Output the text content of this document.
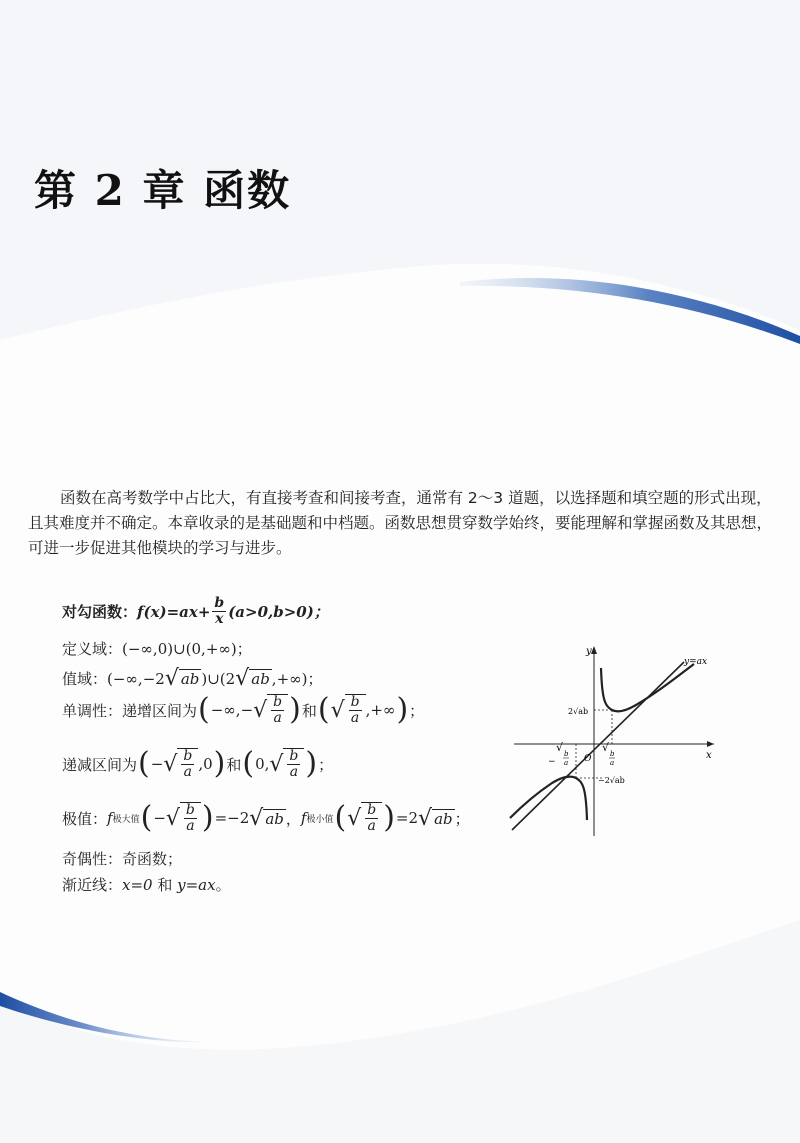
第 2 章 函数

函数在高考数学中占比大，有直接考查和间接考查，通常有 2～3 道题，以选择题和填空题的形式出现，且其难度并不确定。本章收录的是基础题和中档题。函数思想贯穿数学始终，要能理解和掌握函数及其思想，可进一步促进其他模块的学习与进步。

对勾函数： $f(x)=ax+ \frac{b}{x} (a>0,b>0)$；
定义域： (−∞,0)∪(0,+∞)；
值域： (−∞,−2 √ ab )∪(2 √ ab ,+∞)；
单调性：递增区间为 ( −∞,− √ $\frac{b}{a}$ ) 和 ( √ $\frac{b}{a}$ ,+∞ ) ；
递减区间为 ( − √ $\frac{b}{a} ,0$ ) 和 ( 0, √ $\frac{b}{a}$ ) ；
极值： f 极大值 ( − √ $\frac{b}{a}$ ) =−2 √ ab ， f 极小值 ( √ $\frac{b}{a}$ ) =2 √ ab ；
奇偶性：奇函数；
渐近线： x=0 和 y=ax 。
y
x
y=ax
O
2√ab
−2√ab
−
√ b
a
√ b
a
